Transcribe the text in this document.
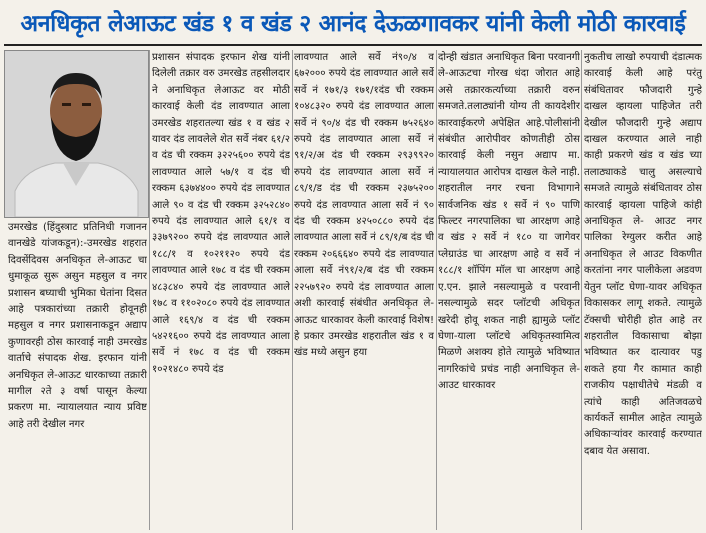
अनधिकृत लेआऊट खंड १ व खंड २ आनंद देऊळगावकर यांनी केली मोठी कारवाई
उमरखेड (हिंदुस्त्राट प्रतिनिधी गजानन वानखेडे यांजकडून):-उमरखेड शहरात दिवसेंदिवस अनधिकृत ले-आऊट चा धुमाकूळ सुरू असुन महसुल व नगर प्रशासन बघ्याची भुमिका घेतांना दिसत आहे पत्रकारांच्या तक्रारी होवूनही महसुल व नगर प्रशासनाकडून अद्याप कुणावरही ठोस कारवाई नाही उमरखेड वार्ताचे संपादक शेख. इरफान यांनी अनधिकृत ले-आऊट धारकाच्या तक्रारी मागील २ते ३ वर्षा पासून केल्या प्रकरण मा. न्यायालयात न्याय प्रविष्ट आहे तरी देखील नगर
प्रशासन संपादक इरफान शेख यांनी दिलेली तक्रार वरु उमरखेड तहसीलदार ने अनाधिकृत लेआऊट वर मोठी कारवाई केली दंड लावण्यात आला उमरखेड शहरातल्या खंड १ व खंड २ यावर दंड लावलेले शेत सर्वे नंबर ६१/२ व दंड ची रक्कम ३२२५६०० रुपये दंड लावण्यात आले ५७/१ व दंड ची रक्कम ६३७४४०० रुपये दंड लावण्यात आले ९० व दंड ची रक्कम ३२५२८४० रुपये दंड लावण्यात आले ६१/१ व ३३७९२०० रुपये दंड लावण्यात आले १८८/१ व १०२११२० रुपये दंड लावण्यात आले १७८ व दंड ची रक्कम ४८३८४० रुपये दंड लावण्यात आले १७८ व ११०२०८० रुपये दंड लावण्यात आले १६९/४ व दंड ची रक्कम ५४२१६०० रुपये दंड लावण्यात आला सर्वे नं १७८ व दंड ची रक्कम १०२१४८० रुपये दंड
लावण्यात आले सर्वे नं९०/४ व ६७२००० रुपये दंड लावण्यात आले सर्वे सर्वे नं १७१/३ १७१/१दंड ची रक्कम १०४८३२० रुपये दंड लावण्यात आला सर्वे नं ९०/४ दंड ची रक्कम ७५२६४० रुपये दंड लावण्यात आला सर्वे नं ९१/२/अ दंड ची रक्कम २९३९९२० रुपये दंड लावण्यात आला सर्वे नं ८९/१/ड दंड ची रक्कम २३७५२०० रुपये दंड लावण्यात आला सर्वे नं ९० दंड ची रक्कम ४२५०८८० रुपये दंड लावण्यात आला सर्वे नं ८९/१/ब दंड ची रक्कम २०६६६४० रुपये दंड लावण्यात आला सर्वे नं९१/२/ब दंड ची रक्कम २२५७९२० रुपये दंड लावण्यात आला अशी कारवाई संबंधीत अनधिकृत ले-आऊट धारकावर केली कारवाई विशेष! हे प्रकार उमरखेड शहरातील खंड १ व खंड मध्ये असुन हया
दोन्ही खंडात अनाधिकृत बिना परवानगी ले-आऊटचा गोरख धंदा जोरात आहे असे तक्रारकर्त्याच्या तक्रारी वरुन समजते.तलाठ्यांनी योग्य ती कायदेशीर कारवाईकरणे अपेक्षित आहे.पोलीसांनी संबंधीत आरोपीवर कोणतीही ठोस कारवाई केली नसुन अद्याप मा. न्यायालयात आरोपत्र दाखल केले नाही. शहरातील नगर रचना विभागाने सार्वजनिक खंड १ सर्वे नं ९० पाणि फिल्टर नगरपालिका चा आरक्षण आहे व खंड २ सर्वे नं १८० या जागेवर प्लेग्राउंड चा आरक्षण आहे व सर्वे नं १८८/१ शॉपिंग मॉल चा आरक्षण आहे ए.एन. झाले नसल्यामुळे व परवानी नसल्यामुळे सदर प्लॉटची अधिकृत खरेदी होवू शकत नाही ह्यामुळे प्लॉट घेणा-याला प्लॉटचे अधिकृतस्वामित्व मिळणे अशक्य होते त्यामुळे भविष्यात नागरिकांचे प्रचंड नाही अनाधिकृत ले-आउट धारकावर
नुकतीच लाखो रुपयाची दंडात्मक कारवाई केली आहे परंतु संबंधितावर फौजदारी गुन्हे दाखल व्हायला पाहिजेत तरी देखील फौजदारी गुन्हे अद्याप दाखल करण्यात आले नाही काही प्रकरणे खंड व खंड च्या तलाठ्याकडे चालु असल्याचे समजते त्यामुळे संबंधितावर ठोस कारवाई व्हायला पाहिजे कांही अनाधिकृत ले- आउट नगर पालिका रेग्युलर करीत आहे अनाधिकृत ले आउट विकणीत करतांना नगर पालीकेला अडवण येतुन प्लॉट घेणा-यावर अधिकृत विकासकर लागू शकते. त्यामुळे टॅक्सची चोरीही होत आहे तर शहरातील विकासाचा बोझा भविष्यात कर दात्यावर पडु शकते हया गैर कामात काही राजकीय पक्षाधीतेचे मंडळी व त्यांचे काही अतिजवळचे कार्यकर्ते सामील आहेत त्यामुळे अधिकाऱ्यांवर कारवाई करण्यात दबाव येत असावा.
